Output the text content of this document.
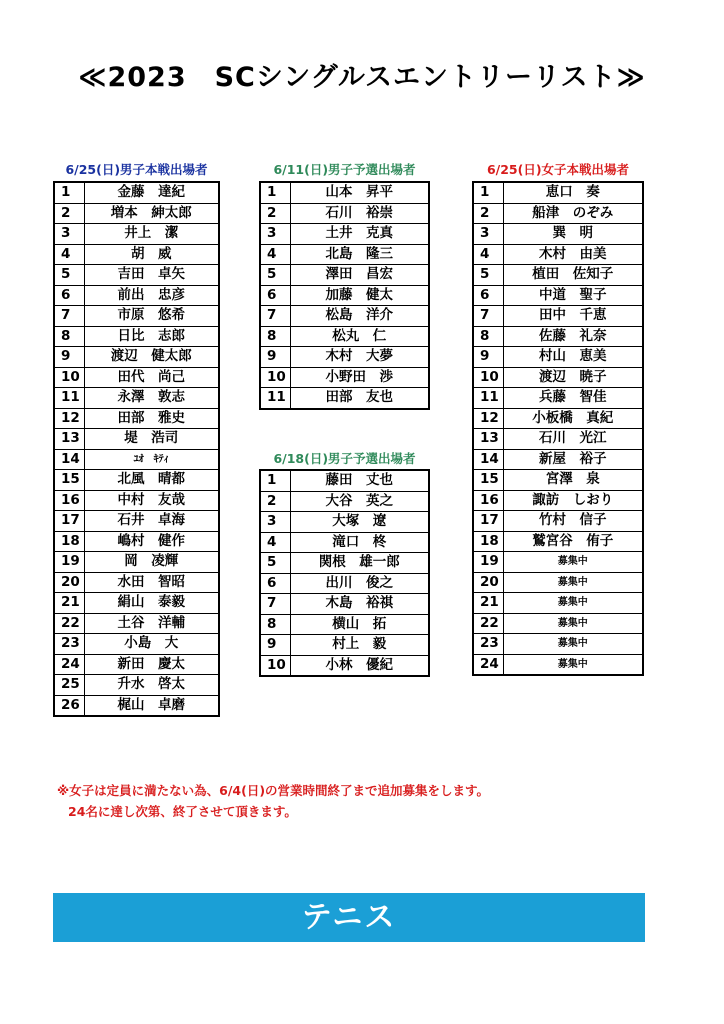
≪2023　SCシングルスエントリーリスト≫
6/25(日)男子本戦出場者
1	金藤　達紀
2	増本　紳太郎
3	井上　潔
4	胡　威
5	吉田　卓矢
6	前出　忠彦
7	市原　悠希
8	日比　志郎
9	渡辺　健太郎
10	田代　尚己
11	永澤　敦志
12	田部　雅史
13	堤　浩司
14	ﾕｵ　ｷﾃｨ
15	北風　晴都
16	中村　友哉
17	石井　卓海
18	嶋村　健作
19	岡　凌輝
20	水田　智昭
21	絹山　泰毅
22	土谷　洋輔
23	小島　大
24	新田　慶太
25	升水　啓太
26	梶山　卓磨
6/11(日)男子予選出場者
1	山本　昇平
2	石川　裕崇
3	土井　克真
4	北島　隆三
5	澤田　昌宏
6	加藤　健太
7	松島　洋介
8	松丸　仁
9	木村　大夢
10	小野田　渉
11	田部　友也
6/18(日)男子予選出場者
1	藤田　丈也
2	大谷　英之
3	大塚　遼
4	滝口　柊
5	関根　雄一郎
6	出川　俊之
7	木島　裕祺
8	横山　拓
9	村上　毅
10	小林　優紀
6/25(日)女子本戦出場者
1	恵口　奏
2	船津　のぞみ
3	巽　明
4	木村　由美
5	植田　佐知子
6	中道　聖子
7	田中　千恵
8	佐藤　礼奈
9	村山　恵美
10	渡辺　暁子
11	兵藤　智佳
12	小板橋　真紀
13	石川　光江
14	新屋　裕子
15	宮澤　泉
16	諏訪　しおり
17	竹村　信子
18	鷲宮谷　侑子
19	募集中
20	募集中
21	募集中
22	募集中
23	募集中
24	募集中
※女子は定員に満たない為、6/4(日)の営業時間終了まで追加募集をします。
24名に達し次第、終了させて頂きます。
テニス
